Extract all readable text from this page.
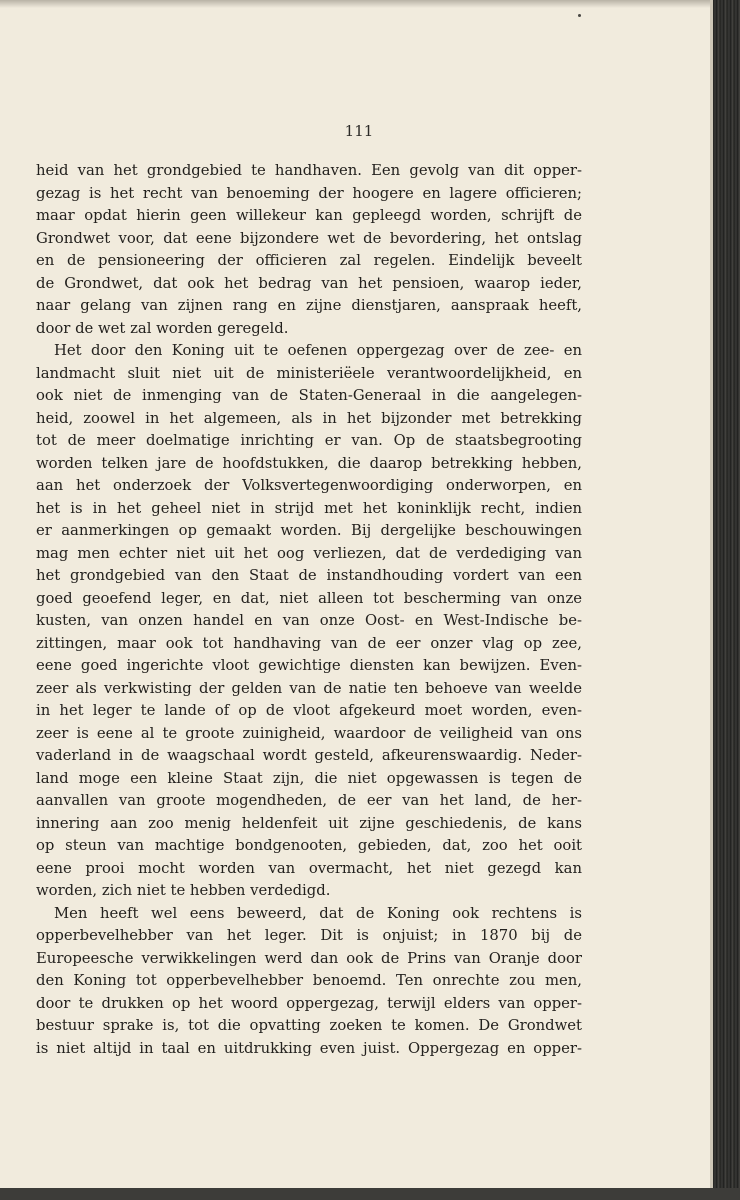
111
heid van het grondgebied te handhaven. Een gevolg van dit opper-
gezag is het recht van benoeming der hoogere en lagere officieren;
maar opdat hierin geen willekeur kan gepleegd worden, schrijft de
Grondwet voor, dat eene bijzondere wet de bevordering, het ontslag
en de pensioneering der officieren zal regelen. Eindelijk beveelt
de Grondwet, dat ook het bedrag van het pensioen, waarop ieder,
naar gelang van zijnen rang en zijne dienstjaren, aanspraak heeft,
door de wet zal worden geregeld.
Het door den Koning uit te oefenen oppergezag over de zee- en
landmacht sluit niet uit de ministeriëele verantwoordelijkheid, en
ook niet de inmenging van de Staten-Generaal in die aangelegen-
heid, zoowel in het algemeen, als in het bijzonder met betrekking
tot de meer doelmatige inrichting er van. Op de staatsbegrooting
worden telken jare de hoofdstukken, die daarop betrekking hebben,
aan het onderzoek der Volksvertegenwoordiging onderworpen, en
het is in het geheel niet in strijd met het koninklijk recht, indien
er aanmerkingen op gemaakt worden. Bij dergelijke beschouwingen
mag men echter niet uit het oog verliezen, dat de verdediging van
het grondgebied van den Staat de instandhouding vordert van een
goed geoefend leger, en dat, niet alleen tot bescherming van onze
kusten, van onzen handel en van onze Oost- en West-Indische be-
zittingen, maar ook tot handhaving van de eer onzer vlag op zee,
eene goed ingerichte vloot gewichtige diensten kan bewijzen. Even-
zeer als verkwisting der gelden van de natie ten behoeve van weelde
in het leger te lande of op de vloot afgekeurd moet worden, even-
zeer is eene al te groote zuinigheid, waardoor de veiligheid van ons
vaderland in de waagschaal wordt gesteld, afkeurenswaardig. Neder-
land moge een kleine Staat zijn, die niet opgewassen is tegen de
aanvallen van groote mogendheden, de eer van het land, de her-
innering aan zoo menig heldenfeit uit zijne geschiedenis, de kans
op steun van machtige bondgenooten, gebieden, dat, zoo het ooit
eene prooi mocht worden van overmacht, het niet gezegd kan
worden, zich niet te hebben verdedigd.
Men heeft wel eens beweerd, dat de Koning ook rechtens is
opperbevelhebber van het leger. Dit is onjuist; in 1870 bij de
Europeesche verwikkelingen werd dan ook de Prins van Oranje door
den Koning tot opperbevelhebber benoemd. Ten onrechte zou men,
door te drukken op het woord oppergezag, terwijl elders van opper-
bestuur sprake is, tot die opvatting zoeken te komen. De Grondwet
is niet altijd in taal en uitdrukking even juist. Oppergezag en opper-
